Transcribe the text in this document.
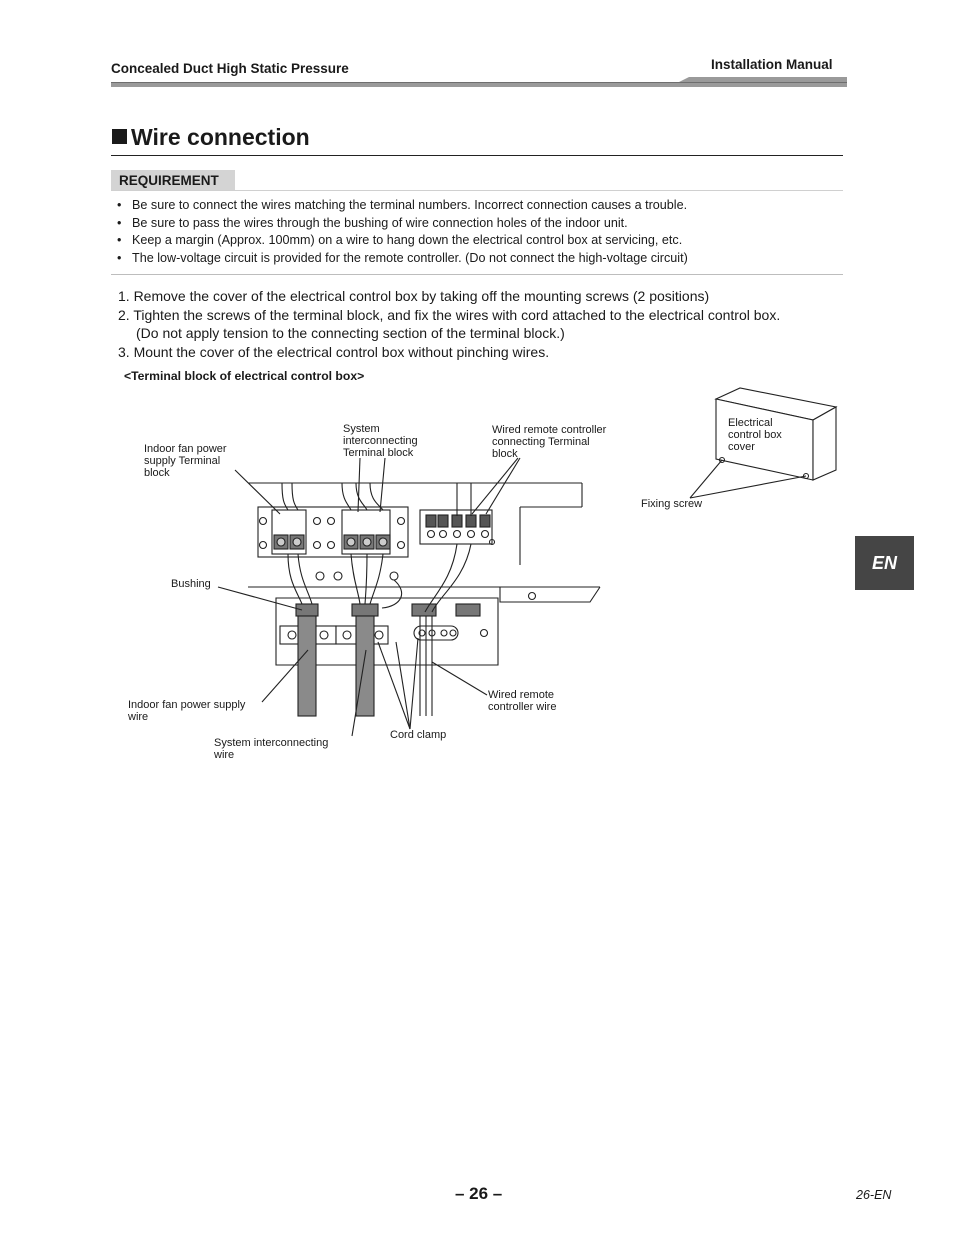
Concealed Duct High Static Pressure	Installation Manual
Wire connection
REQUIREMENT
• Be sure to connect the wires matching the terminal numbers. Incorrect connection causes a trouble.
• Be sure to pass the wires through the bushing of wire connection holes of the indoor unit.
• Keep a margin (Approx. 100mm) on a wire to hang down the electrical control box at servicing, etc.
• The low-voltage circuit is provided for the remote controller. (Do not connect the high-voltage circuit)
1. Remove the cover of the electrical control box by taking off the mounting screws (2 positions)
2. Tighten the screws of the terminal block, and fix the wires with cord attached to the electrical control box.
(Do not apply tension to the connecting section of the terminal block.)
3. Mount the cover of the electrical control box without pinching wires.
<Terminal block of electrical control box>
Indoor fan power
supply Terminal
block
System
interconnecting
Terminal block
Wired remote controller
connecting Terminal
block
Electrical
control box
cover
Fixing screw
Bushing
Indoor fan power supply
wire
System interconnecting
wire
Cord clamp
Wired remote
controller wire
EN
– 26 –	26-EN
